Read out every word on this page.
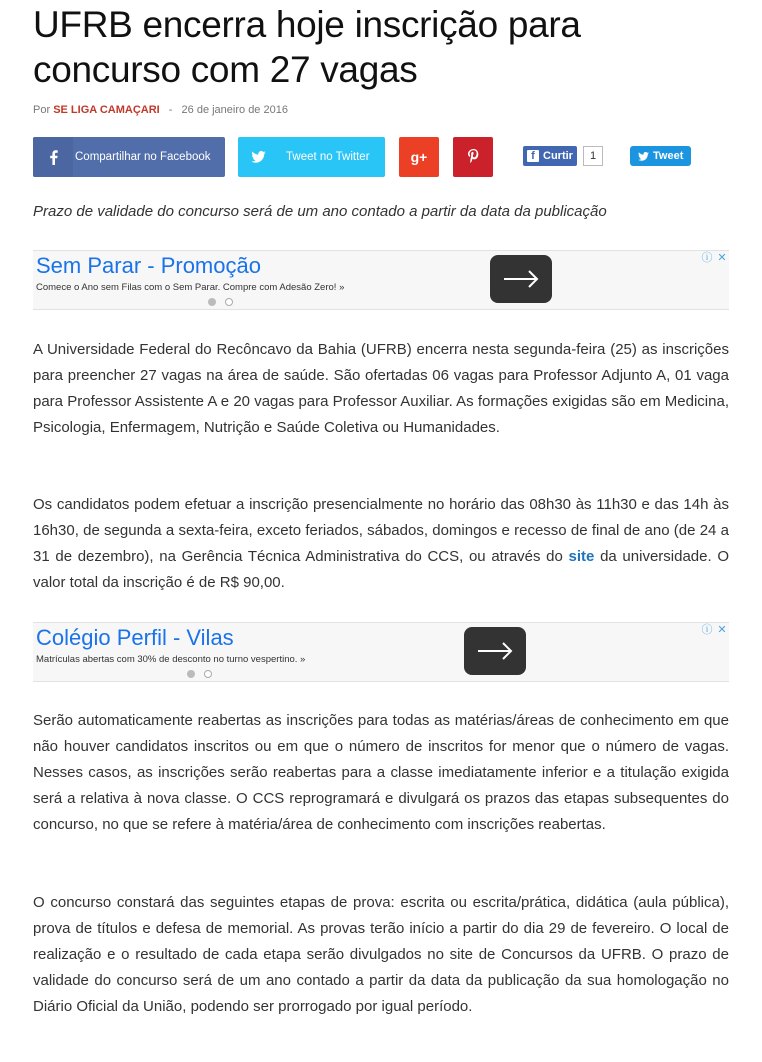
UFRB encerra hoje inscrição para concurso com 27 vagas
Por SE LIGA CAMAÇARI - 26 de janeiro de 2016
Compartilhar no Facebook	Tweet no Twitter	g+	f Curtir	1	Tweet
Prazo de validade do concurso será de um ano contado a partir da data da publicação
Sem Parar - Promoção
Comece o Ano sem Filas com o Sem Parar. Compre com Adesão Zero! »
ⓘ ✕

A Universidade Federal do Recôncavo da Bahia (UFRB) encerra nesta segunda-feira (25) as inscrições para preencher 27 vagas na área de saúde. São ofertadas 06 vagas para Professor Adjunto A, 01 vaga para Professor Assistente A e 20 vagas para Professor Auxiliar. As formações exigidas são em Medicina, Psicologia, Enfermagem, Nutrição e Saúde Coletiva ou Humanidades.

Os candidatos podem efetuar a inscrição presencialmente no horário das 08h30 às 11h30 e das 14h às 16h30, de segunda a sexta-feira, exceto feriados, sábados, domingos e recesso de final de ano (de 24 a 31 de dezembro), na Gerência Técnica Administrativa do CCS, ou através do site da universidade. O valor total da inscrição é de R$ 90,00.

Colégio Perfil - Vilas
Matrículas abertas com 30% de desconto no turno vespertino. »
ⓘ ✕

Serão automaticamente reabertas as inscrições para todas as matérias/áreas de conhecimento em que não houver candidatos inscritos ou em que o número de inscritos for menor que o número de vagas. Nesses casos, as inscrições serão reabertas para a classe imediatamente inferior e a titulação exigida será a relativa à nova classe. O CCS reprogramará e divulgará os prazos das etapas subsequentes do concurso, no que se refere à matéria/área de conhecimento com inscrições reabertas.

O concurso constará das seguintes etapas de prova: escrita ou escrita/prática, didática (aula pública), prova de títulos e defesa de memorial. As provas terão início a partir do dia 29 de fevereiro. O local de realização e o resultado de cada etapa serão divulgados no site de Concursos da UFRB. O prazo de validade do concurso será de um ano contado a partir da data da publicação da sua homologação no Diário Oficial da União, podendo ser prorrogado por igual período.
